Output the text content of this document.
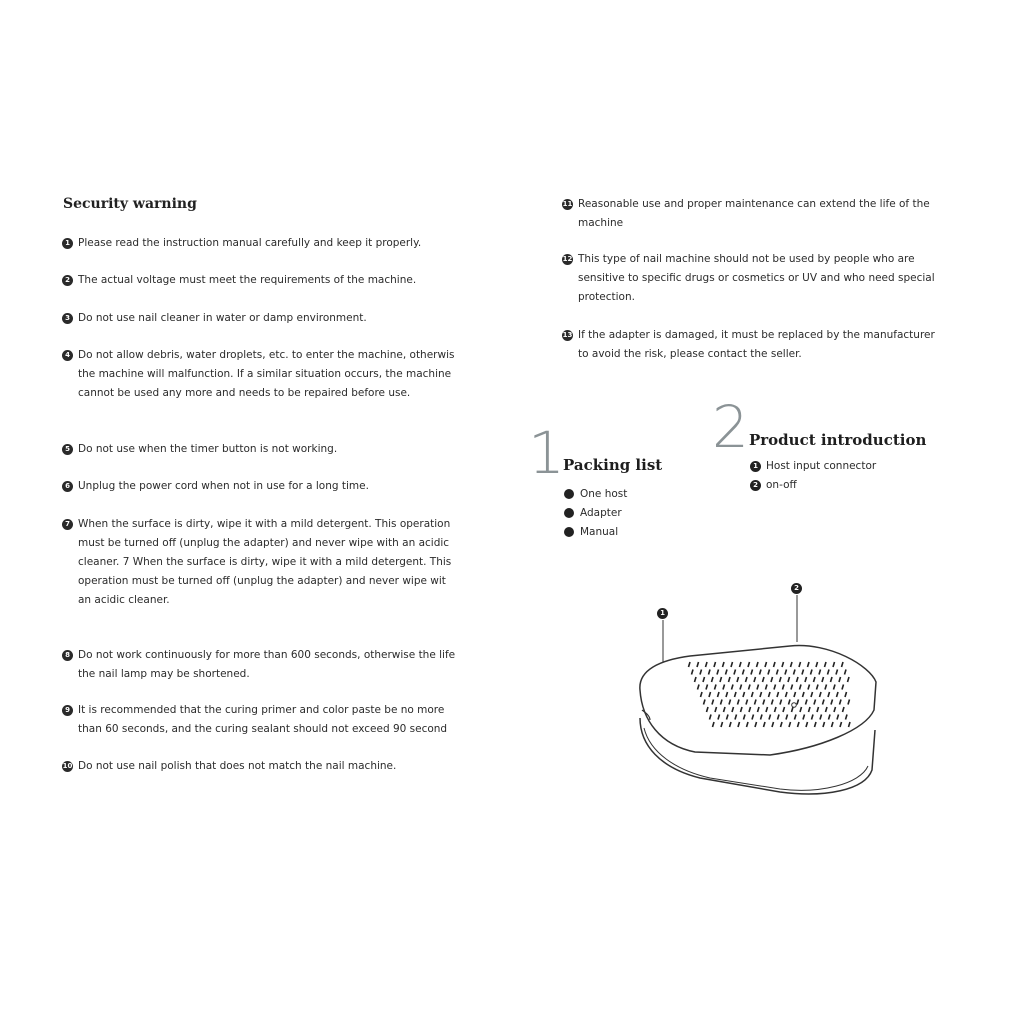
Security warning
1 Please read the instruction manual carefully and keep it properly.
2 The actual voltage must meet the requirements of the machine.
3 Do not use nail cleaner in water or damp environment.
4 Do not allow debris, water droplets, etc. to enter the machine, otherwis
the machine will malfunction. If a similar situation occurs, the machine
cannot be used any more and needs to be repaired before use.
5 Do not use when the timer button is not working.
6 Unplug the power cord when not in use for a long time.
7 When the surface is dirty, wipe it with a mild detergent. This operation
must be turned off (unplug the adapter) and never wipe with an acidic
cleaner. 7 When the surface is dirty, wipe it with a mild detergent. This
operation must be turned off (unplug the adapter) and never wipe wit
an acidic cleaner.
8 Do not work continuously for more than 600 seconds, otherwise the life
the nail lamp may be shortened.
9 It is recommended that the curing primer and color paste be no more
than 60 seconds, and the curing sealant should not exceed 90 second
10 Do not use nail polish that does not match the nail machine.
11 Reasonable use and proper maintenance can extend the life of the
machine
12 This type of nail machine should not be used by people who are
sensitive to specific drugs or cosmetics or UV and who need special
protection.
13 If the adapter is damaged, it must be replaced by the manufacturer
to avoid the risk, please contact the seller.
1
Packing list
One host
Adapter
Manual
2 Product introduction
1 Host input connector
2 on-off
1
2
